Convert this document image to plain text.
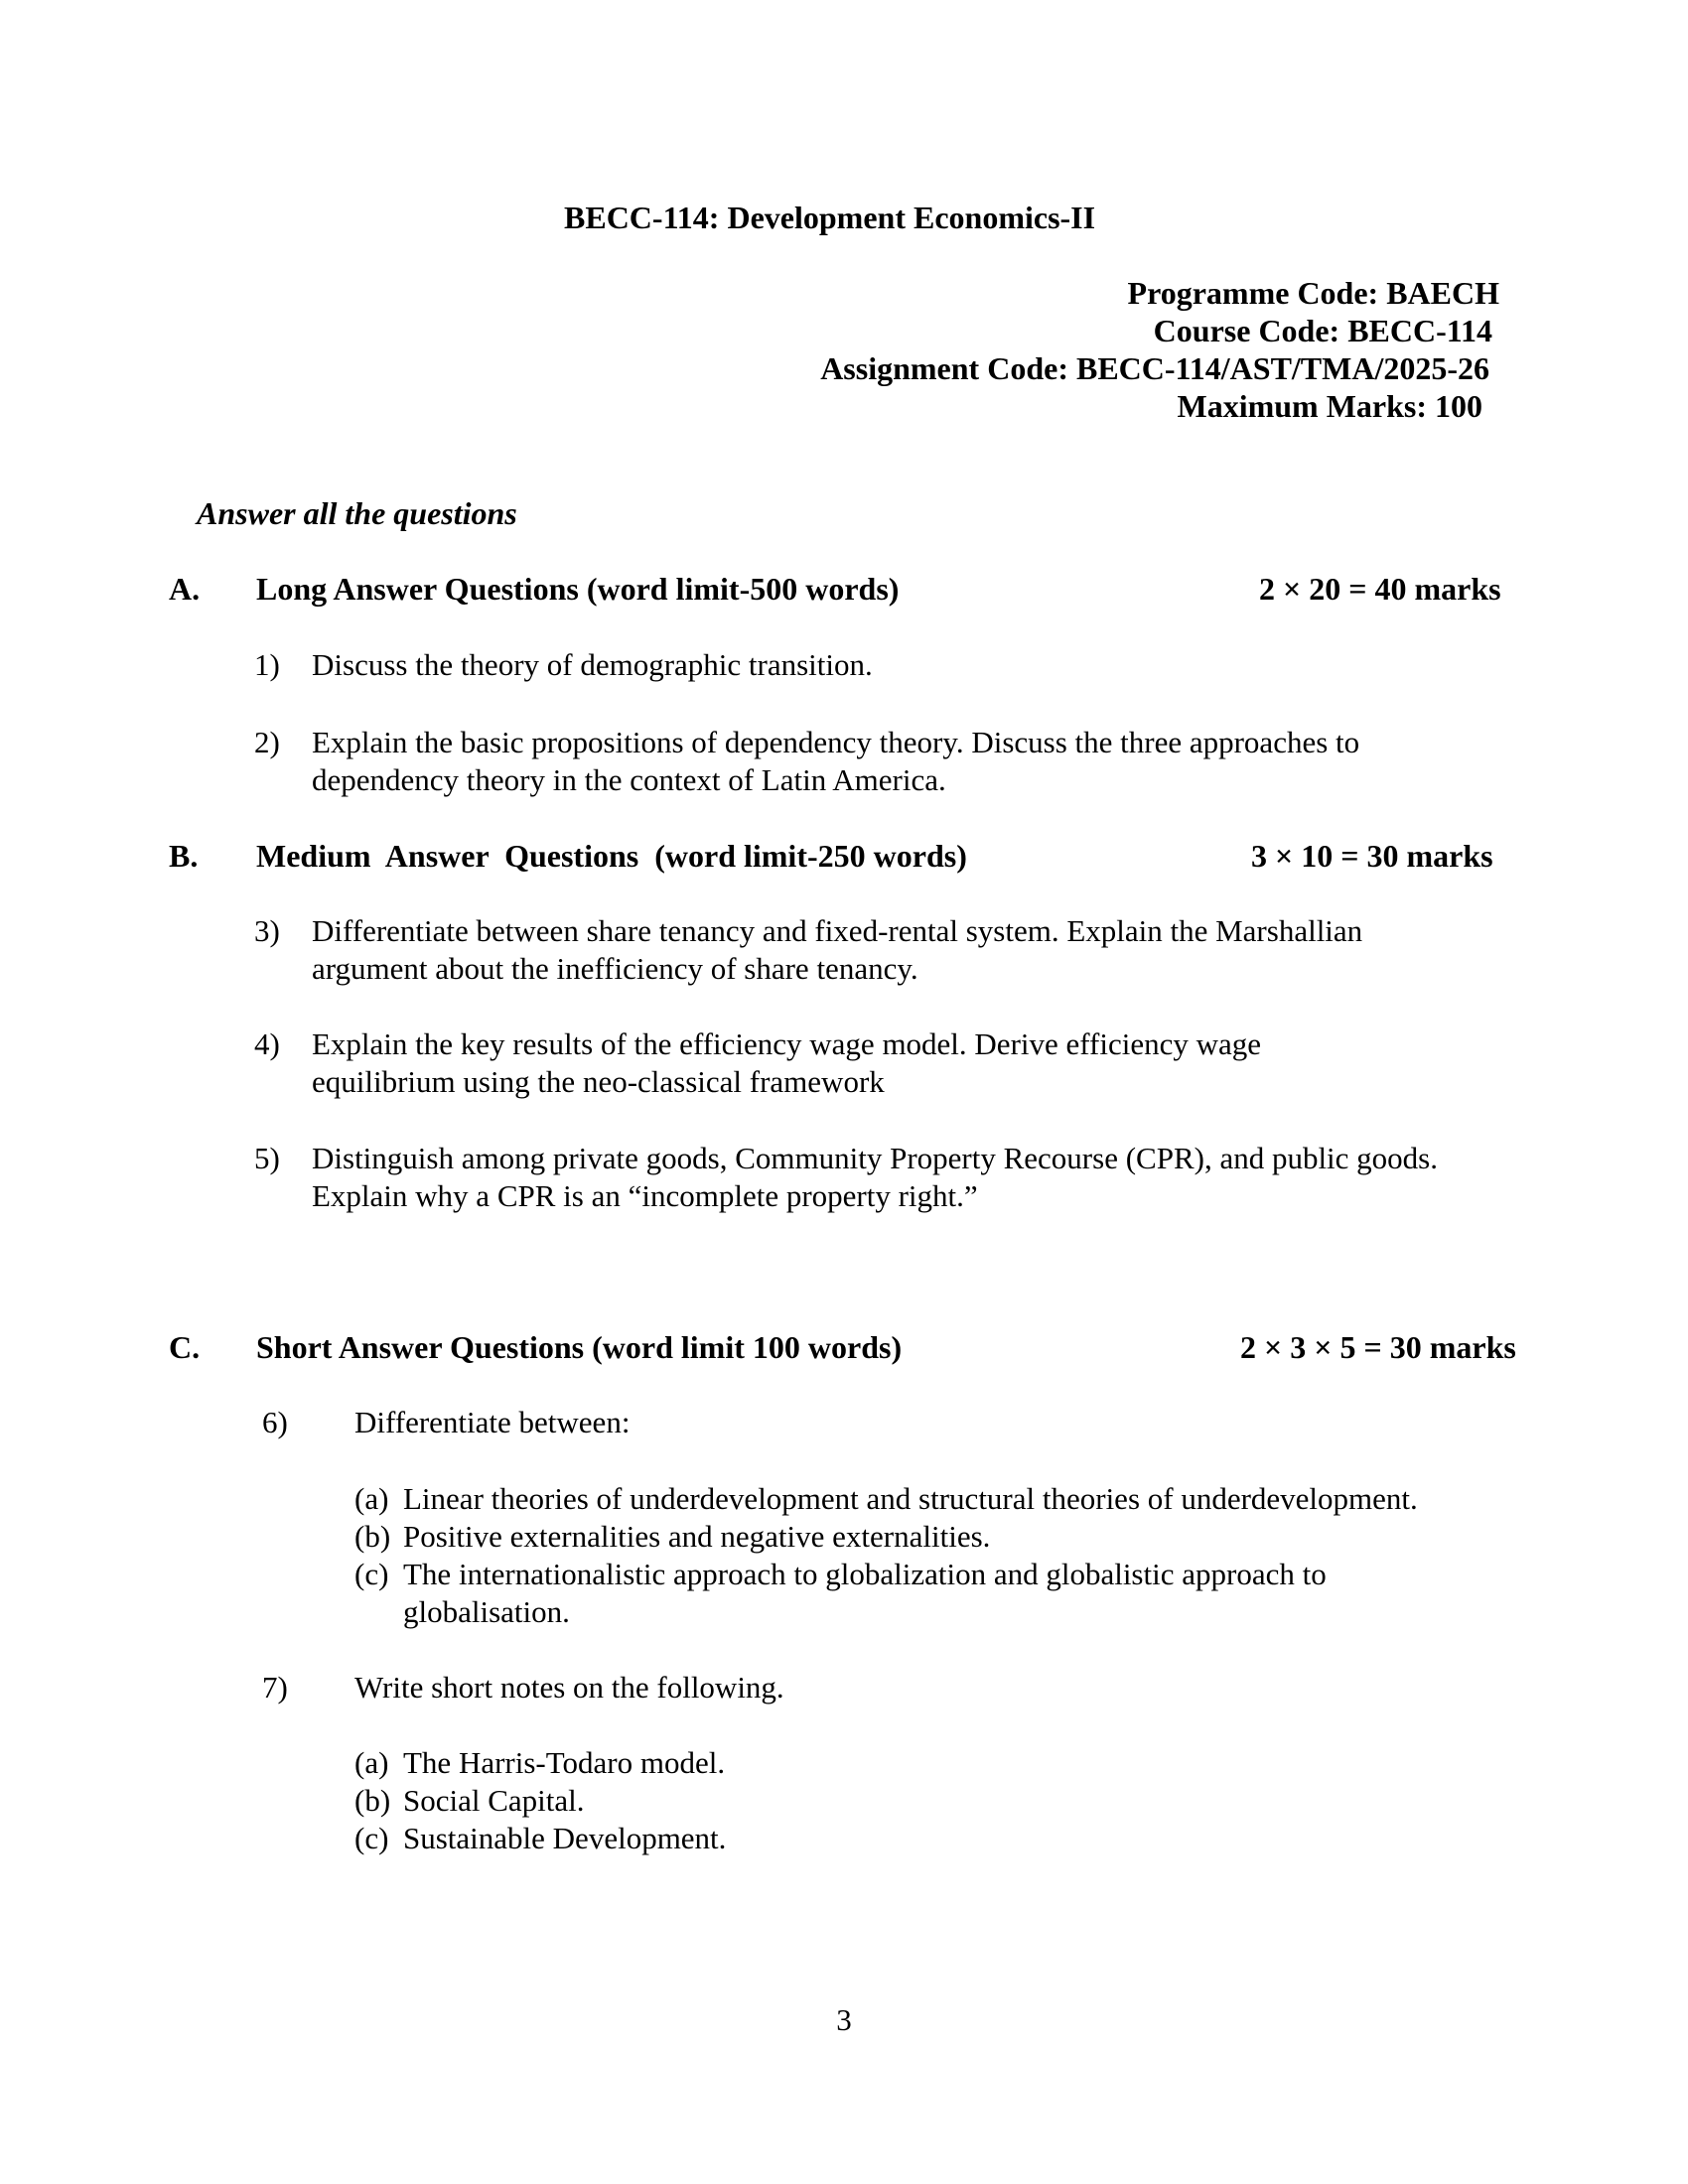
BECC-114: Development Economics-II
Programme Code: BAECH
Course Code: BECC-114
Assignment Code: BECC-114/AST/TMA/2025-26
Maximum Marks: 100
Answer all the questions
A. Long Answer Questions (word limit-500 words)	2 × 20 = 40 marks
1) Discuss the theory of demographic transition.
2) Explain the basic propositions of dependency theory. Discuss the three approaches to
dependency theory in the context of Latin America.
B. Medium  Answer  Questions  (word limit-250 words)	3 × 10 = 30 marks
3) Differentiate between share tenancy and fixed-rental system. Explain the Marshallian
argument about the inefficiency of share tenancy.
4) Explain the key results of the efficiency wage model. Derive efficiency wage
equilibrium using the neo-classical framework
5) Distinguish among private goods, Community Property Recourse (CPR), and public goods.
Explain why a CPR is an “incomplete property right.”
C. Short Answer Questions (word limit 100 words)	2 × 3 × 5 = 30 marks
6) Differentiate between:
(a) Linear theories of underdevelopment and structural theories of underdevelopment.
(b) Positive externalities and negative externalities.
(c) The internationalistic approach to globalization and globalistic approach to
globalisation.
7) Write short notes on the following.
(a) The Harris-Todaro model.
(b) Social Capital.
(c) Sustainable Development.
3
